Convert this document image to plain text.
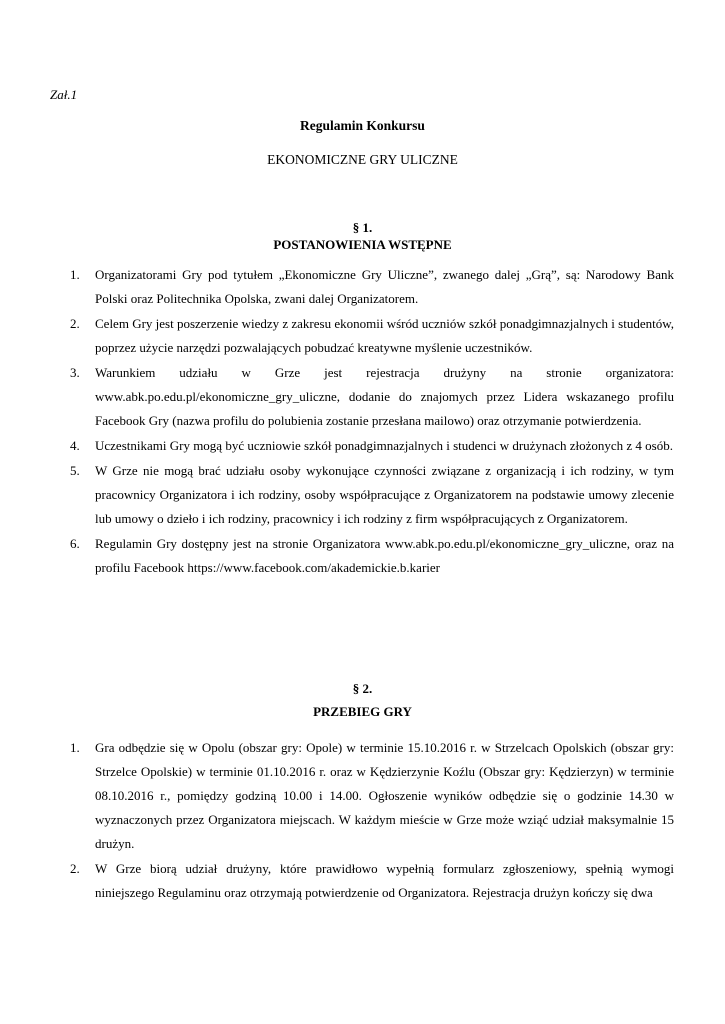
Zał.1
Regulamin Konkursu
EKONOMICZNE GRY ULICZNE
§ 1.
POSTANOWIENIA WSTĘPNE
1. Organizatorami Gry pod tytułem „Ekonomiczne Gry Uliczne”, zwanego dalej „Grą”, są: Narodowy Bank Polski oraz Politechnika Opolska, zwani dalej Organizatorem.
2. Celem Gry jest poszerzenie wiedzy z zakresu ekonomii wśród uczniów szkół ponadgimnazjalnych i studentów, poprzez użycie narzędzi pozwalających pobudzać kreatywne myślenie uczestników.
3. Warunkiem udziału w Grze jest rejestracja drużyny na stronie organizatora: www.abk.po.edu.pl/ekonomiczne_gry_uliczne, dodanie do znajomych przez Lidera wskazanego profilu Facebook Gry (nazwa profilu do polubienia zostanie przesłana mailowo) oraz otrzymanie potwierdzenia.
4. Uczestnikami Gry mogą być uczniowie szkół ponadgimnazjalnych i studenci w drużynach złożonych z 4 osób.
5. W Grze nie mogą brać udziału osoby wykonujące czynności związane z organizacją i ich rodziny, w tym pracownicy Organizatora i ich rodziny, osoby współpracujące z Organizatorem na podstawie umowy zlecenie lub umowy o dzieło i ich rodziny, pracownicy i ich rodziny z firm współpracujących z Organizatorem.
6. Regulamin Gry dostępny jest na stronie Organizatora www.abk.po.edu.pl/ekonomiczne_gry_uliczne, oraz na profilu Facebook https://www.facebook.com/akademickie.b.karier
§ 2.
PRZEBIEG GRY
1. Gra odbędzie się w Opolu (obszar gry: Opole) w terminie 15.10.2016 r. w Strzelcach Opolskich (obszar gry: Strzelce Opolskie) w terminie 01.10.2016 r. oraz w Kędzierzynie Koźlu (Obszar gry: Kędzierzyn) w terminie 08.10.2016 r., pomiędzy godziną 10.00 i 14.00. Ogłoszenie wyników odbędzie się o godzinie 14.30 w wyznaczonych przez Organizatora miejscach. W każdym mieście w Grze może wziąć udział maksymalnie 15 drużyn.
2. W Grze biorą udział drużyny, które prawidłowo wypełnią formularz zgłoszeniowy, spełnią wymogi niniejszego Regulaminu oraz otrzymają potwierdzenie od Organizatora. Rejestracja drużyn kończy się dwa
